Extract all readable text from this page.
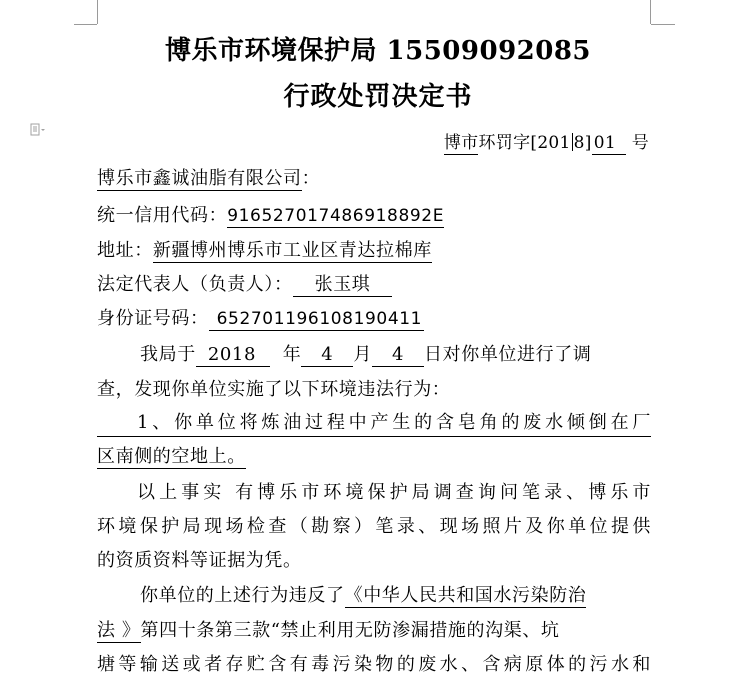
博乐市环境保护局 15509092085
行政处罚决定书
博市环罚字[201 8] 01 号
博乐市鑫诚油脂有限公司：
统一信用代码：916527017486918892E
地址：新疆博州博乐市工业区青达拉棉库
法定代表人（负责人）： 张玉琪
身份证号码： 652701196108190411
我局于 2018 年 4 月 4 日对你单位进行了调
查，发现你单位实施了以下环境违法行为：
1、你单位将炼油过程中产生的含皂角的废水倾倒在厂
区南侧的空地上。
以上事实 有博乐市环境保护局调查询问笔录、博乐市
环境保护局现场检查（勘察）笔录、现场照片及你单位提供
的资质资料等证据为凭。
你单位的上述行为违反了《中华人民共和国水污染防治
法 》第四十条第三款“禁止利用无防渗漏措施的沟渠、坑
塘等输送或者存贮含有毒污染物的废水、含病原体的污水和
